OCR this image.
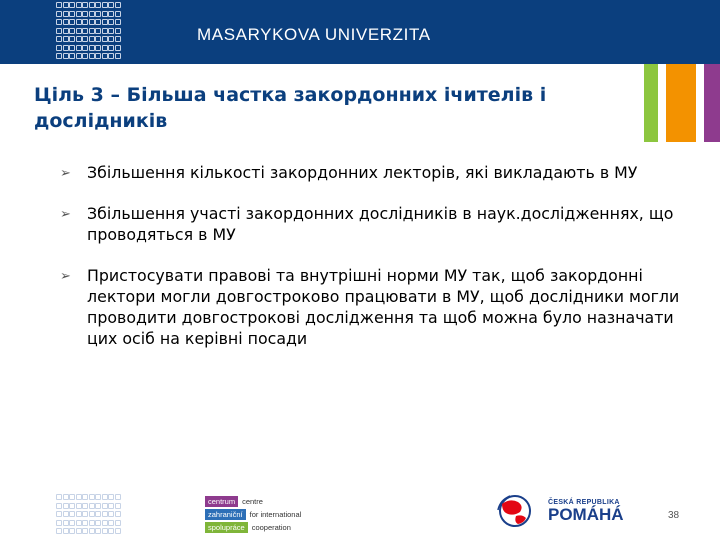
MASARYKOVA UNIVERZITA
Ціль 3 – Більша частка закордонних ічителів і дослідників
➢ Збільшення кількості закордонних лекторів, які викладають в МУ
➢ Збільшення участі закордонних дослідників в наук.дослідженнях, що проводяться в МУ
➢ Пристосувати правові та внутрішні норми МУ так, щоб закордонні лектори могли довгостроково працювати в МУ, щоб дослідники могли проводити довгострокові дослідження та щоб можна було назначати цих осіб на керівні посади
centrum centre
zahraniční for international
spolupráce cooperation
ČESKÁ REPUBLIKA
POMÁHÁ	38
